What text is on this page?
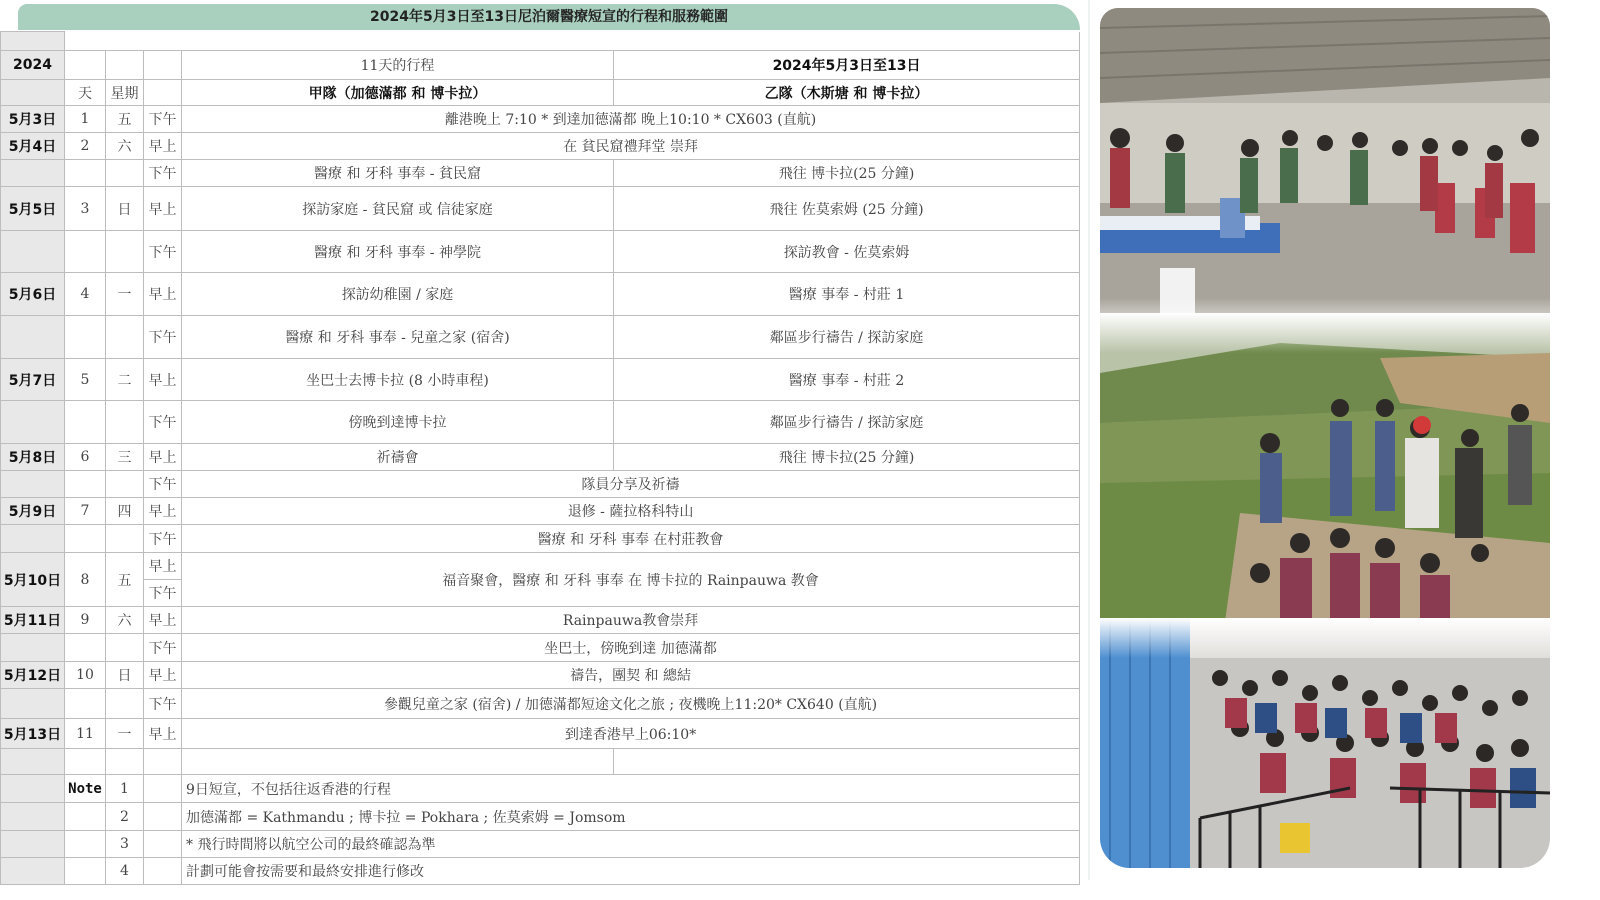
2024年5月3日至13日尼泊爾醫療短宣的行程和服務範圍

2024				11天的行程	2024年5月3日至13日
	天	星期		甲隊（加德滿都 和 博卡拉）	乙隊（木斯塘 和 博卡拉）
5月3日	1	五	下午	離港晚上 7:10 * 到達加德滿都 晚上10:10 * CX603 (直航)	
5月4日	2	六	早上	在 貧民窟禮拜堂 崇拜	
			下午	醫療 和 牙科 事奉 - 貧民窟	飛往 博卡拉(25 分鐘)
5月5日	3	日	早上	探訪家庭 - 貧民窟 或 信徒家庭	飛往 佐莫索姆 (25 分鐘)
			下午	醫療 和 牙科 事奉 - 神學院	探訪教會 - 佐莫索姆
5月6日	4	一	早上	探訪幼稚園 / 家庭	醫療 事奉 - 村莊 1
			下午	醫療 和 牙科 事奉 - 兒童之家 (宿舍)	鄰區步行禱告 / 探訪家庭
5月7日	5	二	早上	坐巴士去博卡拉 (8 小時車程)	醫療 事奉 - 村莊 2
			下午	傍晚到達博卡拉	鄰區步行禱告 / 探訪家庭
5月8日	6	三	早上	祈禱會	飛往 博卡拉(25 分鐘)
			下午	隊員分享及祈禱	
5月9日	7	四	早上	退修 - 薩拉格科特山	
			下午	醫療 和 牙科 事奉 在村莊教會	
5月10日	8	五	早上	福音聚會，醫療 和 牙科 事奉 在 博卡拉的 Rainpauwa 教會	
			下午		
5月11日	9	六	早上	Rainpauwa教會崇拜	
			下午	坐巴士，傍晚到達 加德滿都	
5月12日	10	日	早上	禱告，團契 和 總結	
			下午	參觀兒童之家 (宿舍) / 加德滿都短途文化之旅 ; 夜機晚上11:20* CX640 (直航)	
5月13日	11	一	早上	到達香港早上06:10*	

	Note	1		9日短宣，不包括往返香港的行程	
		2		加德滿都 = Kathmandu ; 博卡拉 = Pokhara ; 佐莫索姆 = Jomsom	
		3		* 飛行時間將以航空公司的最終確認為準	
		4		計劃可能會按需要和最終安排進行修改	
